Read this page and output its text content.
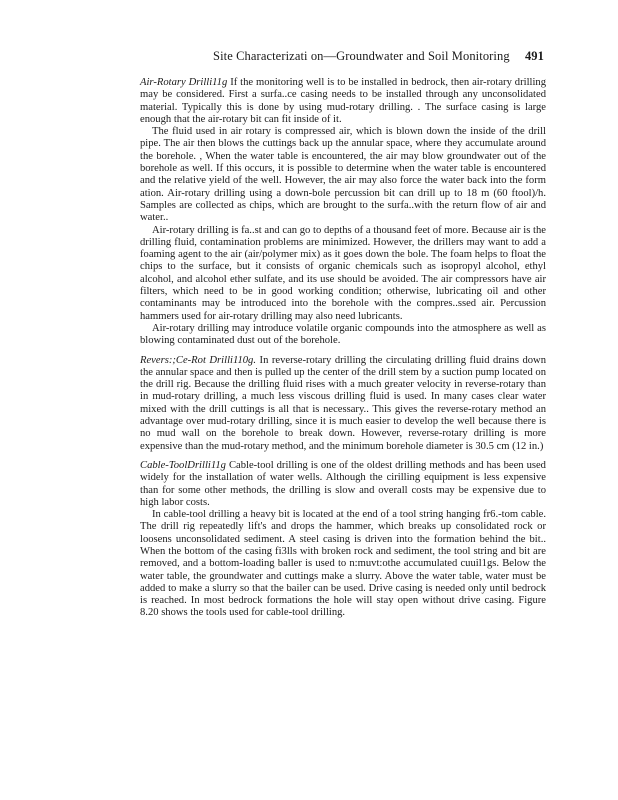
Site Characterizati on—Groundwater and Soil Monitoring 491

Air-Rotary Drilli11g If the monitoring well is to be installed in bedrock, then air-rotary drilling may be considered. First a surfa..ce casing needs to be installed through any unconsolidated material. Typically this is done by using mud-rotary drilling. . The surface casing is large enough that the air-rotary bit can fit inside of it.

The fluid used in air rotary is compressed air, which is blown down the inside of the drill pipe. The air then blows the cuttings back up the annular space, where they accumulate around the borehole. , When the water table is encountered, the air may blow groundwater out of the borehole as well. If this occurs, it is possible to determine when the water table is encountered and the relative yield of the well. However, the air may also force the water back into the form ation. Air-rotary drilling using a down-bole percussion bit can drill up to 18 m (60 ftool)/h. Samples are collected as chips, which are brought to the surfa..with the return flow of air and water..

Air-rotary drilling is fa..st and can go to depths of a thousand feet of more. Because air is the drilling fluid, contamination problems are minimized. However, the drillers may want to add a foaming agent to the air (air/polymer mix) as it goes down the bole. The foam helps to float the chips to the surface, but it consists of organic chemicals such as isopropyl alcohol, ethyl alcohol, and alcohol ether sulfate, and its use should be avoided. The air compressors have air filters, which need to be in good working condition; otherwise, lubricating oil and other contaminants may be introduced into the borehole with the compres..ssed air. Percussion hammers used for air-rotary drilling may also need lubricants.

Air-rotary drilling may introduce volatile organic compounds into the atmosphere as well as blowing contaminated dust out of the borehole.

Revers:;Ce-Rot Drilli110g. In reverse-rotary drilling the circulating drilling fluid drains down the annular space and then is pulled up the center of the drill stem by a suction pump located on the drill rig. Because the drilling fluid rises with a much greater velocity in reverse-rotary than in mud-rotary drilling, a much less viscous drilling fluid is used. In many cases clear water mixed with the drill cuttings is all that is necessary.. This gives the reverse-rotary method an advantage over mud-rotary drilling, since it is much easier to develop the well because there is no mud wall on the borehole to break down. However, reverse-rotary drilling is more expensive than the mud-rotary method, and the minimum borehole diameter is 30.5 cm (12 in.)

Cable-ToolDrilli11g Cable-tool drilling is one of the oldest drilling methods and has been used widely for the installation of water wells. Although the cirilling equipment is less expensive than for some other methods, the drilling is slow and overall costs may be expensive due to high labor costs.

In cable-tool drilling a heavy bit is located at the end of a tool string hanging fr6.-tom cable. The drill rig repeatedly lift's and drops the hammer, which breaks up consolidated rock or loosens unconsolidated sediment. A steel casing is driven into the formation behind the bit.. When the bottom of the casing fi3lls with broken rock and sediment, the tool string and bit are removed, and a bottom-loading baller is used to n:muvt:othe accumulated cuuil1gs. Below the water table, the groundwater and cuttings make a slurry. Above the water table, water must be added to make a slurry so that the bailer can be used. Drive casing is needed only until bedrock is reached. In most bedrock formations the hole will stay open without drive casing. Figure 8.20 shows the tools used for cable-tool drilling.
